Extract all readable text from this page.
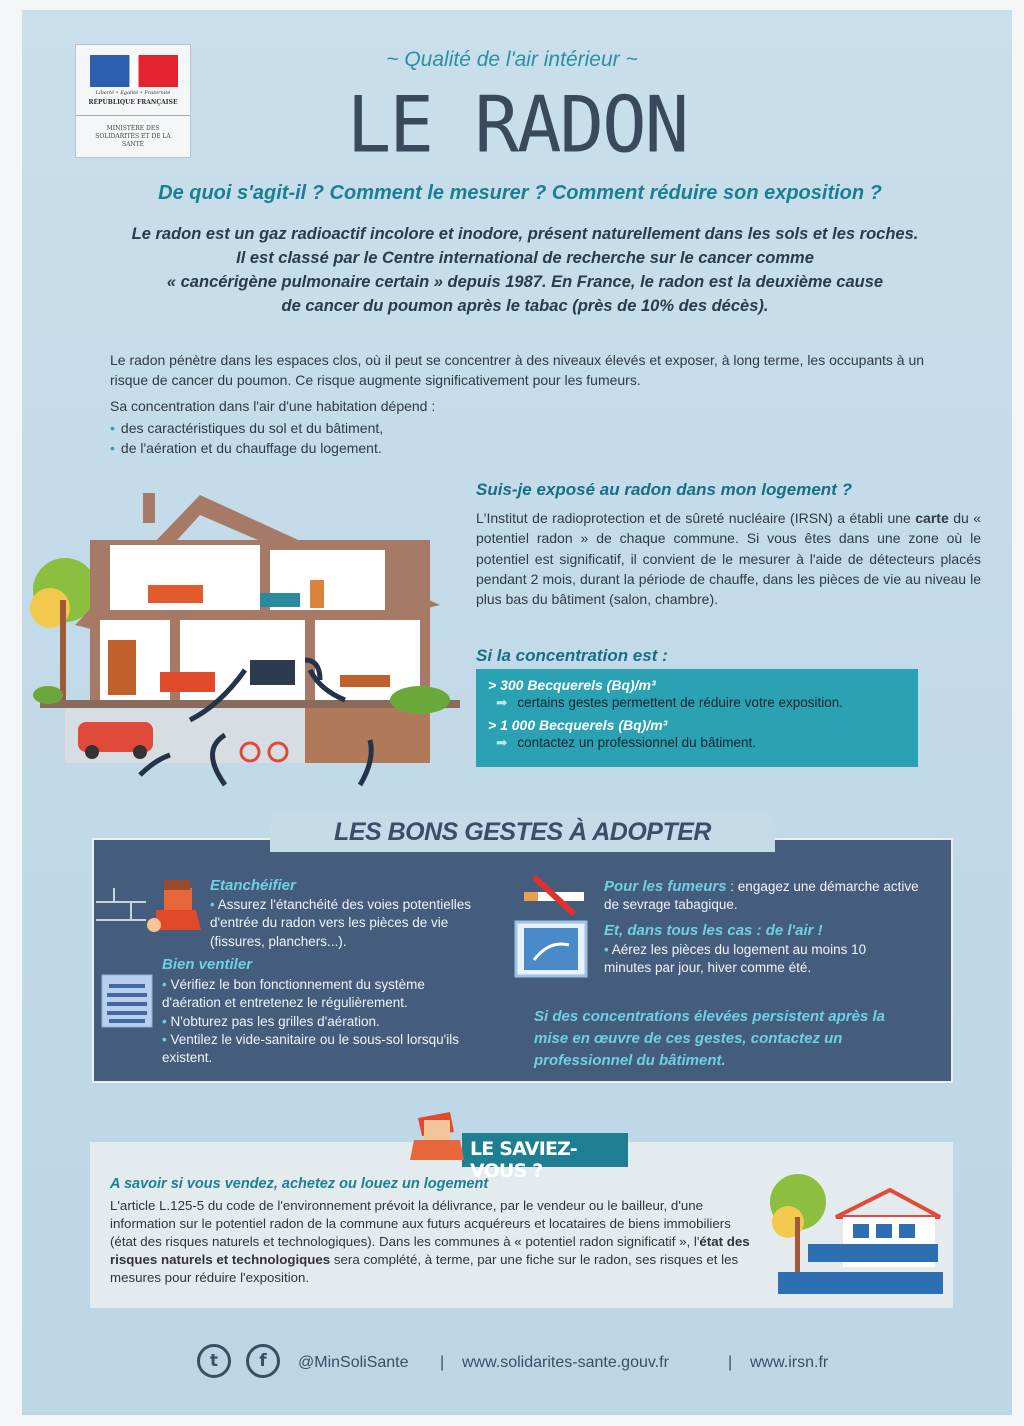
Liberté • Égalité • Fraternité
RÉPUBLIQUE FRANÇAISE
MINISTÈRE DES SOLIDARITÉS ET DE LA SANTÉ
~ Qualité de l'air intérieur ~
LE RADON
De quoi s'agit-il ? Comment le mesurer ? Comment réduire son exposition ?
Le radon est un gaz radioactif incolore et inodore, présent naturellement dans les sols et les roches.
Il est classé par le Centre international de recherche sur le cancer comme
« cancérigène pulmonaire certain » depuis 1987. En France, le radon est la deuxième cause
de cancer du poumon après le tabac (près de 10% des décès).

Le radon pénètre dans les espaces clos, où il peut se concentrer à des niveaux élevés et exposer, à long terme, les occupants à un risque de cancer du poumon. Ce risque augmente significativement pour les fumeurs.

Sa concentration dans l'air d'une habitation dépend :

• des caractéristiques du sol et du bâtiment,
• de l'aération et du chauffage du logement.
Suis-je exposé au radon dans mon logement ?
L'Institut de radioprotection et de sûreté nucléaire (IRSN) a établi une carte du « potentiel radon » de chaque commune. Si vous êtes dans une zone où le potentiel est significatif, il convient de le mesurer à l'aide de détecteurs placés pendant 2 mois, durant la période de chauffe, dans les pièces de vie au niveau le plus bas du bâtiment (salon, chambre).
Si la concentration est :
> 300 Becquerels (Bq)/m³
➡ certains gestes permettent de réduire votre exposition.
> 1 000 Becquerels (Bq)/m³
➡ contactez un professionnel du bâtiment.
LES BONS GESTES À ADOPTER
Etanchéifier
• Assurez l'étanchéité des voies potentielles d'entrée du radon vers les pièces de vie (fissures, planchers...).
Bien ventiler
• Vérifiez le bon fonctionnement du système d'aération et entretenez le régulièrement.
• N'obturez pas les grilles d'aération.
• Ventilez le vide-sanitaire ou le sous-sol lorsqu'ils existent.
Pour les fumeurs : engagez une démarche active de sevrage tabagique.
Et, dans tous les cas : de l'air !
• Aérez les pièces du logement au moins 10 minutes par jour, hiver comme été.
Si des concentrations élevées persistent après la mise en œuvre de ces gestes, contactez un professionnel du bâtiment.
LE SAVIEZ-VOUS ?
A savoir si vous vendez, achetez ou louez un logement
L'article L.125-5 du code de l'environnement prévoit la délivrance, par le vendeur ou le bailleur, d'une information sur le potentiel radon de la commune aux futurs acquéreurs et locataires de biens immobiliers (état des risques naturels et technologiques). Dans les communes à « potentiel radon significatif », l'état des risques naturels et technologiques sera complété, à terme, par une fiche sur le radon, ses risques et les mesures pour réduire l'exposition.
t	f	@MinSoliSante | www.solidarites-sante.gouv.fr	| www.irsn.fr
